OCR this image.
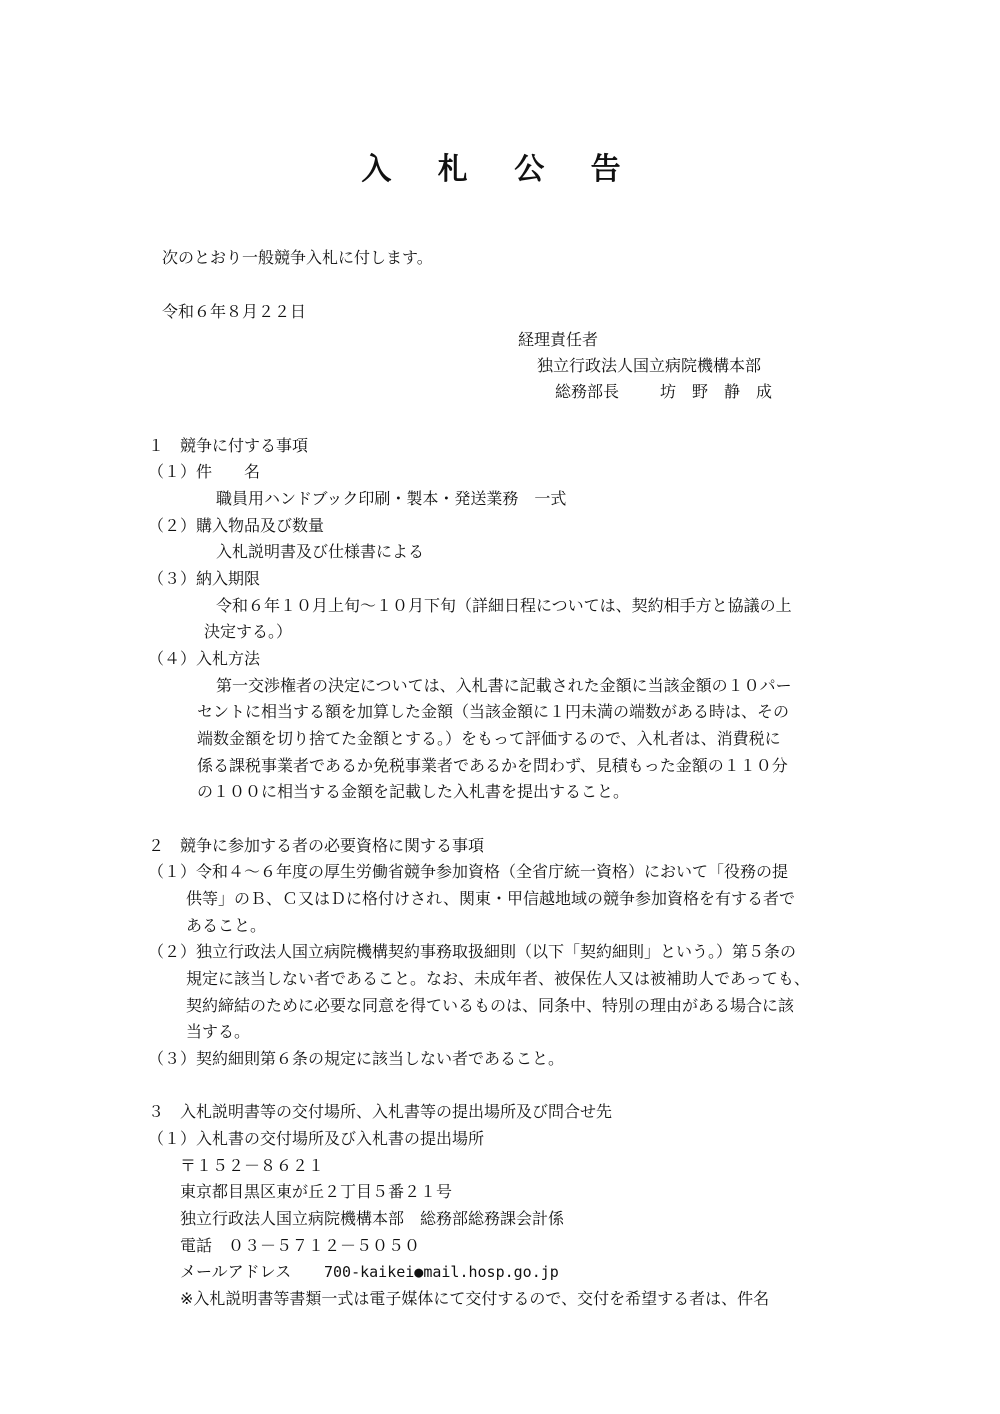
入 札 公 告
次のとおり一般競争入札に付します。
令和６年８月２２日
経理責任者
独立行政法人国立病院機構本部
総務部長	坊　野　静　成
１　競争に付する事項
（１）件　　名
職員用ハンドブック印刷・製本・発送業務　一式
（２）購入物品及び数量
入札説明書及び仕様書による
（３）納入期限
令和６年１０月上旬～１０月下旬（詳細日程については、契約相手方と協議の上
決定する。）
（４）入札方法
第一交渉権者の決定については、入札書に記載された金額に当該金額の１０パー
セントに相当する額を加算した金額（当該金額に１円未満の端数がある時は、その
端数金額を切り捨てた金額とする。）をもって評価するので、入札者は、消費税に
係る課税事業者であるか免税事業者であるかを問わず、見積もった金額の１１０分
の１００に相当する金額を記載した入札書を提出すること。
２　競争に参加する者の必要資格に関する事項
（１）令和４～６年度の厚生労働省競争参加資格（全省庁統一資格）において「役務の提
供等」のＢ、Ｃ又はＤに格付けされ、関東・甲信越地域の競争参加資格を有する者で
あること。
（２）独立行政法人国立病院機構契約事務取扱細則（以下「契約細則」という。）第５条の
規定に該当しない者であること。なお、未成年者、被保佐人又は被補助人であっても、
契約締結のために必要な同意を得ているものは、同条中、特別の理由がある場合に該
当する。
（３）契約細則第６条の規定に該当しない者であること。
３　入札説明書等の交付場所、入札書等の提出場所及び問合せ先
（１）入札書の交付場所及び入札書の提出場所
〒１５２－８６２１
東京都目黒区東が丘２丁目５番２１号
独立行政法人国立病院機構本部　総務部総務課会計係
電話　０３－５７１２－５０５０
メールアドレス 700-kaikei●mail.hosp.go.jp
※入札説明書等書類一式は電子媒体にて交付するので、交付を希望する者は、件名
